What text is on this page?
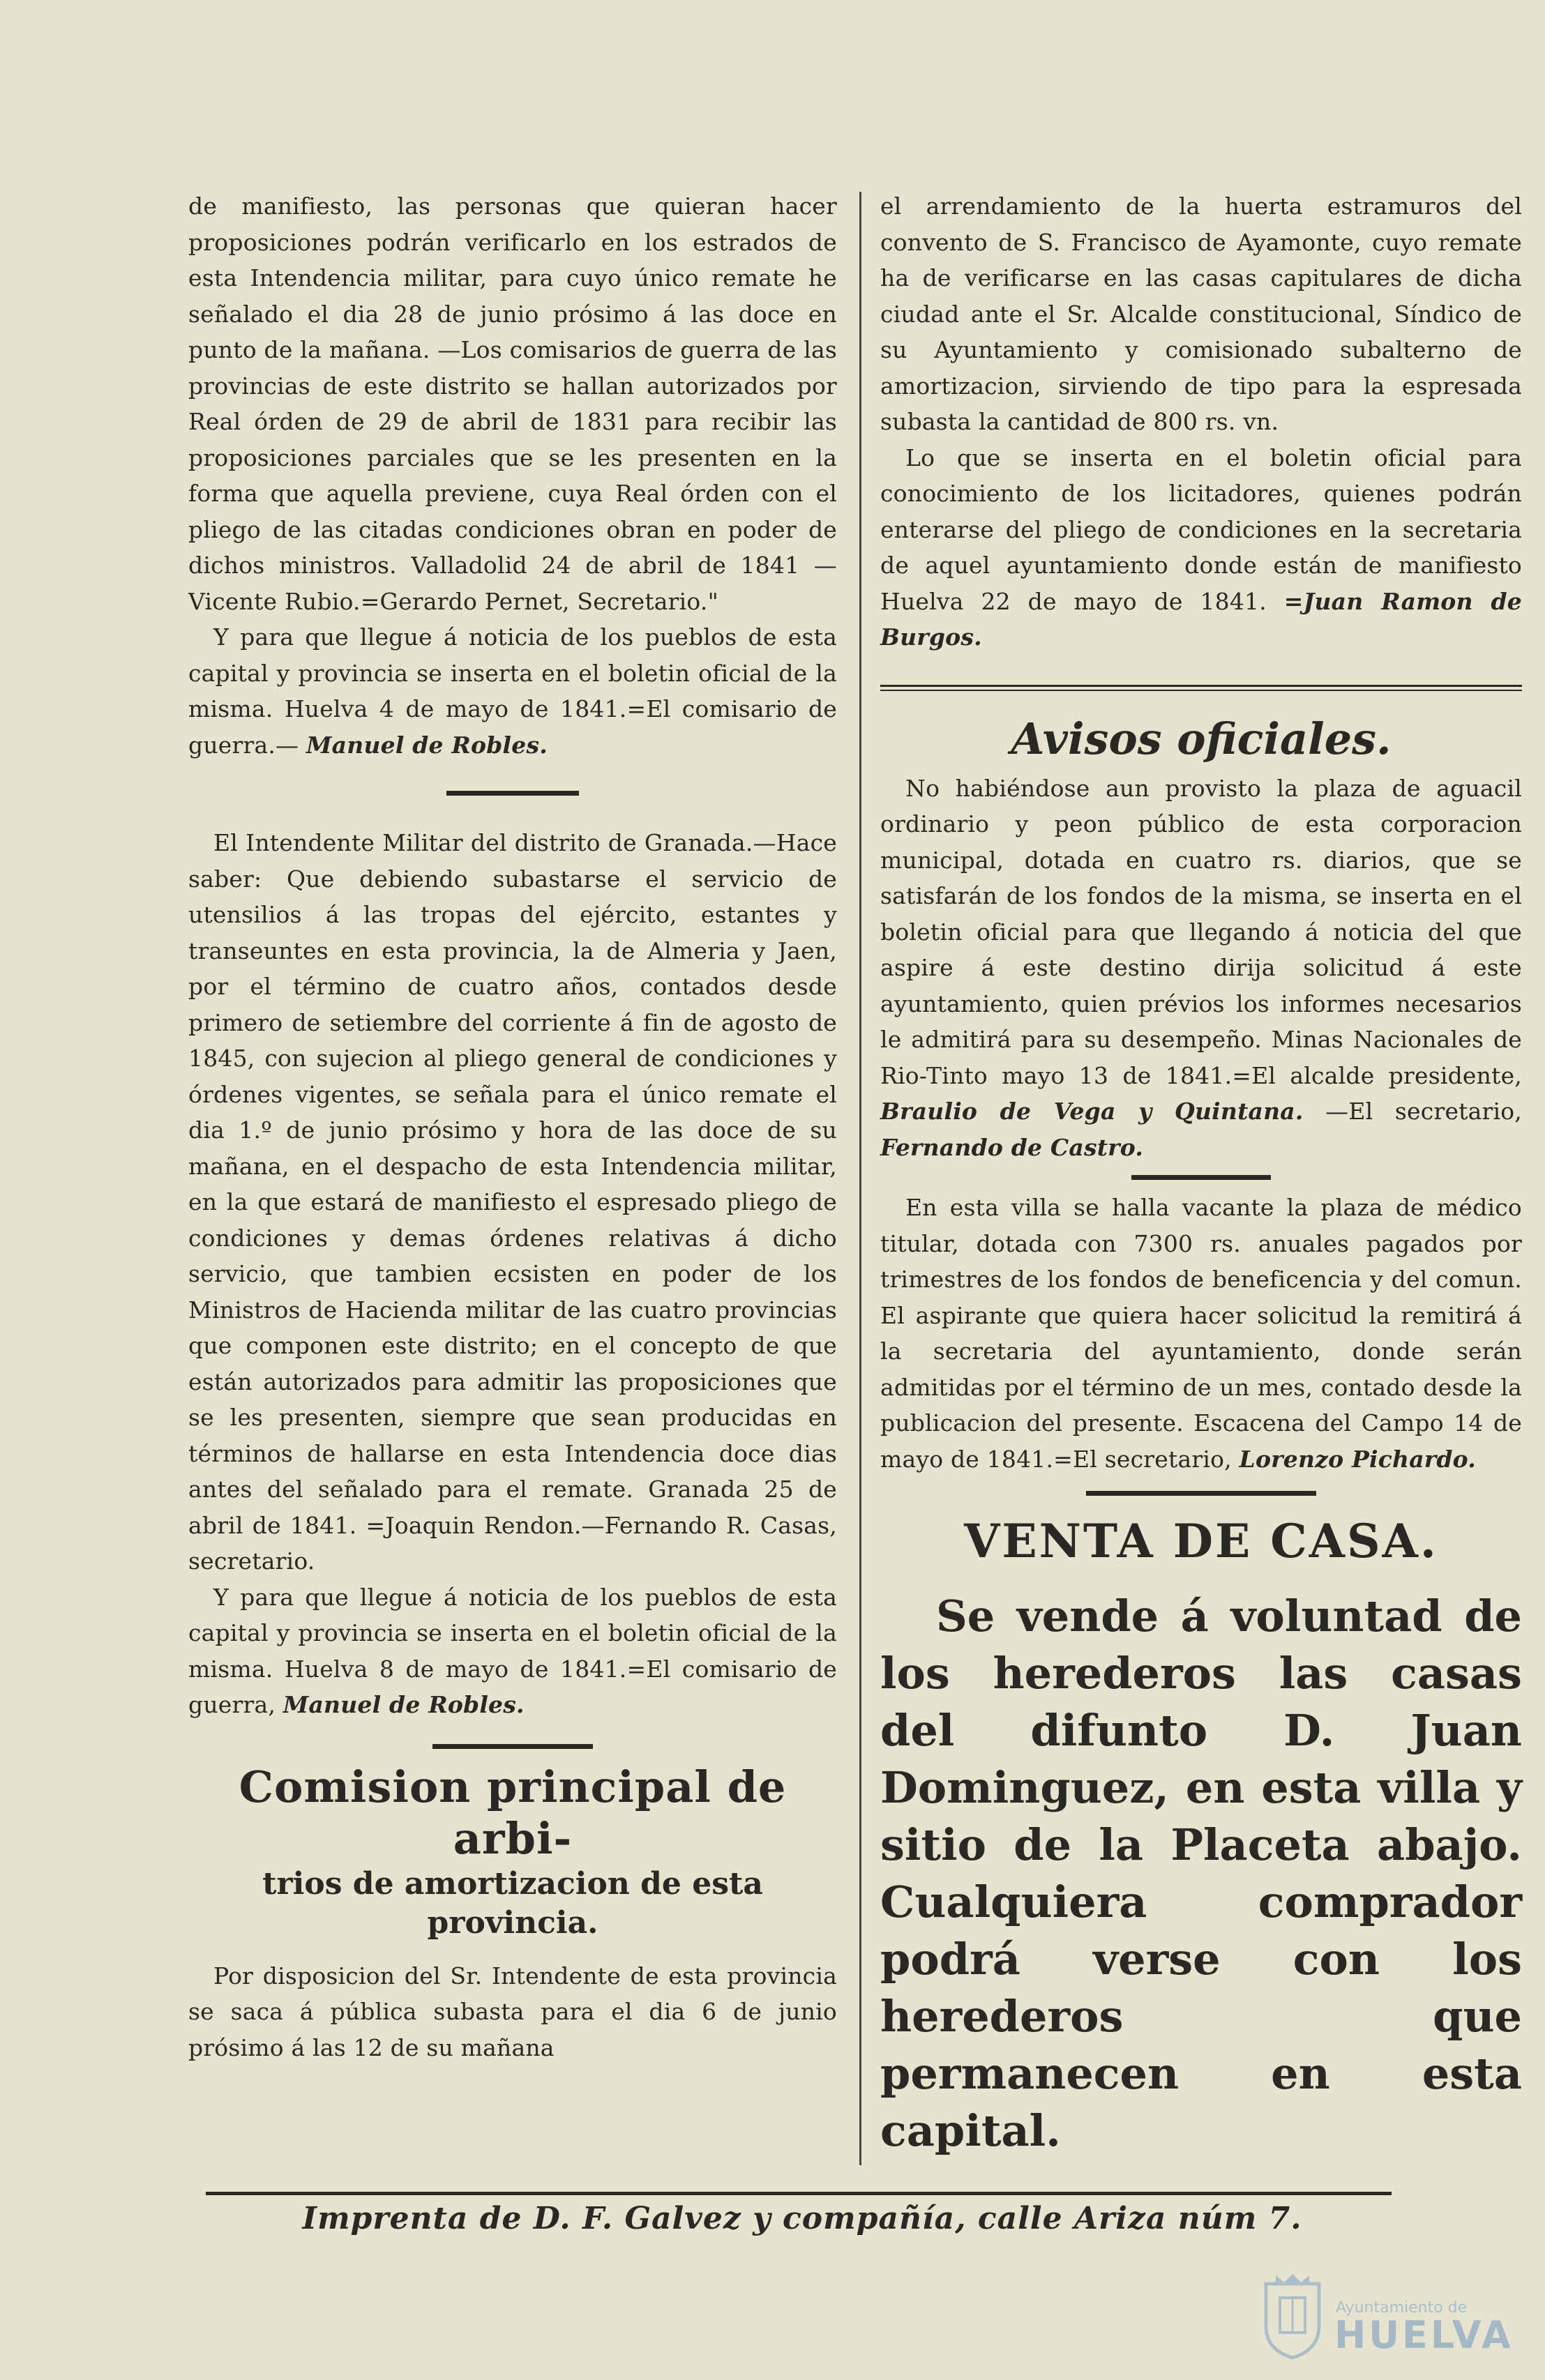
de manifiesto, las personas que quieran hacer proposiciones podrán verificarlo en los estrados de esta Intendencia militar, para cuyo único remate he señalado el dia 28 de junio prósimo á las doce en punto de la mañana. —Los comisarios de guerra de las provincias de este distrito se hallan autorizados por Real órden de 29 de abril de 1831 para recibir las proposiciones parciales que se les presenten en la forma que aquella previene, cuya Real órden con el pliego de las citadas condiciones obran en poder de dichos ministros. Valladolid 24 de abril de 1841 —Vicente Rubio.=Gerardo Pernet, Secretario."

Y para que llegue á noticia de los pueblos de esta capital y provincia se inserta en el boletin oficial de la misma. Huelva 4 de mayo de 1841.=El comisario de guerra.— Manuel de Robles.

El Intendente Militar del distrito de Granada.—Hace saber: Que debiendo subastarse el servicio de utensilios á las tropas del ejército, estantes y transeuntes en esta provincia, la de Almeria y Jaen, por el término de cuatro años, contados desde primero de setiembre del corriente á fin de agosto de 1845, con sujecion al pliego general de condiciones y órdenes vigentes, se señala para el único remate el dia 1.º de junio prósimo y hora de las doce de su mañana, en el despacho de esta Intendencia militar, en la que estará de manifiesto el espresado pliego de condiciones y demas órdenes relativas á dicho servicio, que tambien ecsisten en poder de los Ministros de Hacienda militar de las cuatro provincias que componen este distrito; en el concepto de que están autorizados para admitir las proposiciones que se les presenten, siempre que sean producidas en términos de hallarse en esta Intendencia doce dias antes del señalado para el remate. Granada 25 de abril de 1841. =Joaquin Rendon.—Fernando R. Casas, secretario.

Y para que llegue á noticia de los pueblos de esta capital y provincia se inserta en el boletin oficial de la misma. Huelva 8 de mayo de 1841.=El comisario de guerra, Manuel de Robles.

Comision principal de arbi-

trios de amortizacion de esta provincia.

Por disposicion del Sr. Intendente de esta provincia se saca á pública subasta para el dia 6 de junio prósimo á las 12 de su mañana

el arrendamiento de la huerta estramuros del convento de S. Francisco de Ayamonte, cuyo remate ha de verificarse en las casas capitulares de dicha ciudad ante el Sr. Alcalde constitucional, Síndico de su Ayuntamiento y comisionado subalterno de amortizacion, sirviendo de tipo para la espresada subasta la cantidad de 800 rs. vn.

Lo que se inserta en el boletin oficial para conocimiento de los licitadores, quienes podrán enterarse del pliego de condiciones en la secretaria de aquel ayuntamiento donde están de manifiesto Huelva 22 de mayo de 1841. =Juan Ramon de Burgos.

Avisos oficiales.

No habiéndose aun provisto la plaza de aguacil ordinario y peon público de esta corporacion municipal, dotada en cuatro rs. diarios, que se satisfarán de los fondos de la misma, se inserta en el boletin oficial para que llegando á noticia del que aspire á este destino dirija solicitud á este ayuntamiento, quien prévios los informes necesarios le admitirá para su desempeño. Minas Nacionales de Rio-Tinto mayo 13 de 1841.=El alcalde presidente, Braulio de Vega y Quintana. —El secretario, Fernando de Castro.

En esta villa se halla vacante la plaza de médico titular, dotada con 7300 rs. anuales pagados por trimestres de los fondos de beneficencia y del comun. El aspirante que quiera hacer solicitud la remitirá á la secretaria del ayuntamiento, donde serán admitidas por el término de un mes, contado desde la publicacion del presente. Escacena del Campo 14 de mayo de 1841.=El secretario, Lorenzo Pichardo.

VENTA DE CASA.

Se vende á voluntad de los herederos las casas del difunto D. Juan Dominguez, en esta villa y sitio de la Placeta abajo. Cualquiera comprador podrá verse con los herederos que permanecen en esta capital.

Imprenta de D. F. Galvez y compañía, calle Ariza núm 7.
Ayuntamiento de
HUELVA
